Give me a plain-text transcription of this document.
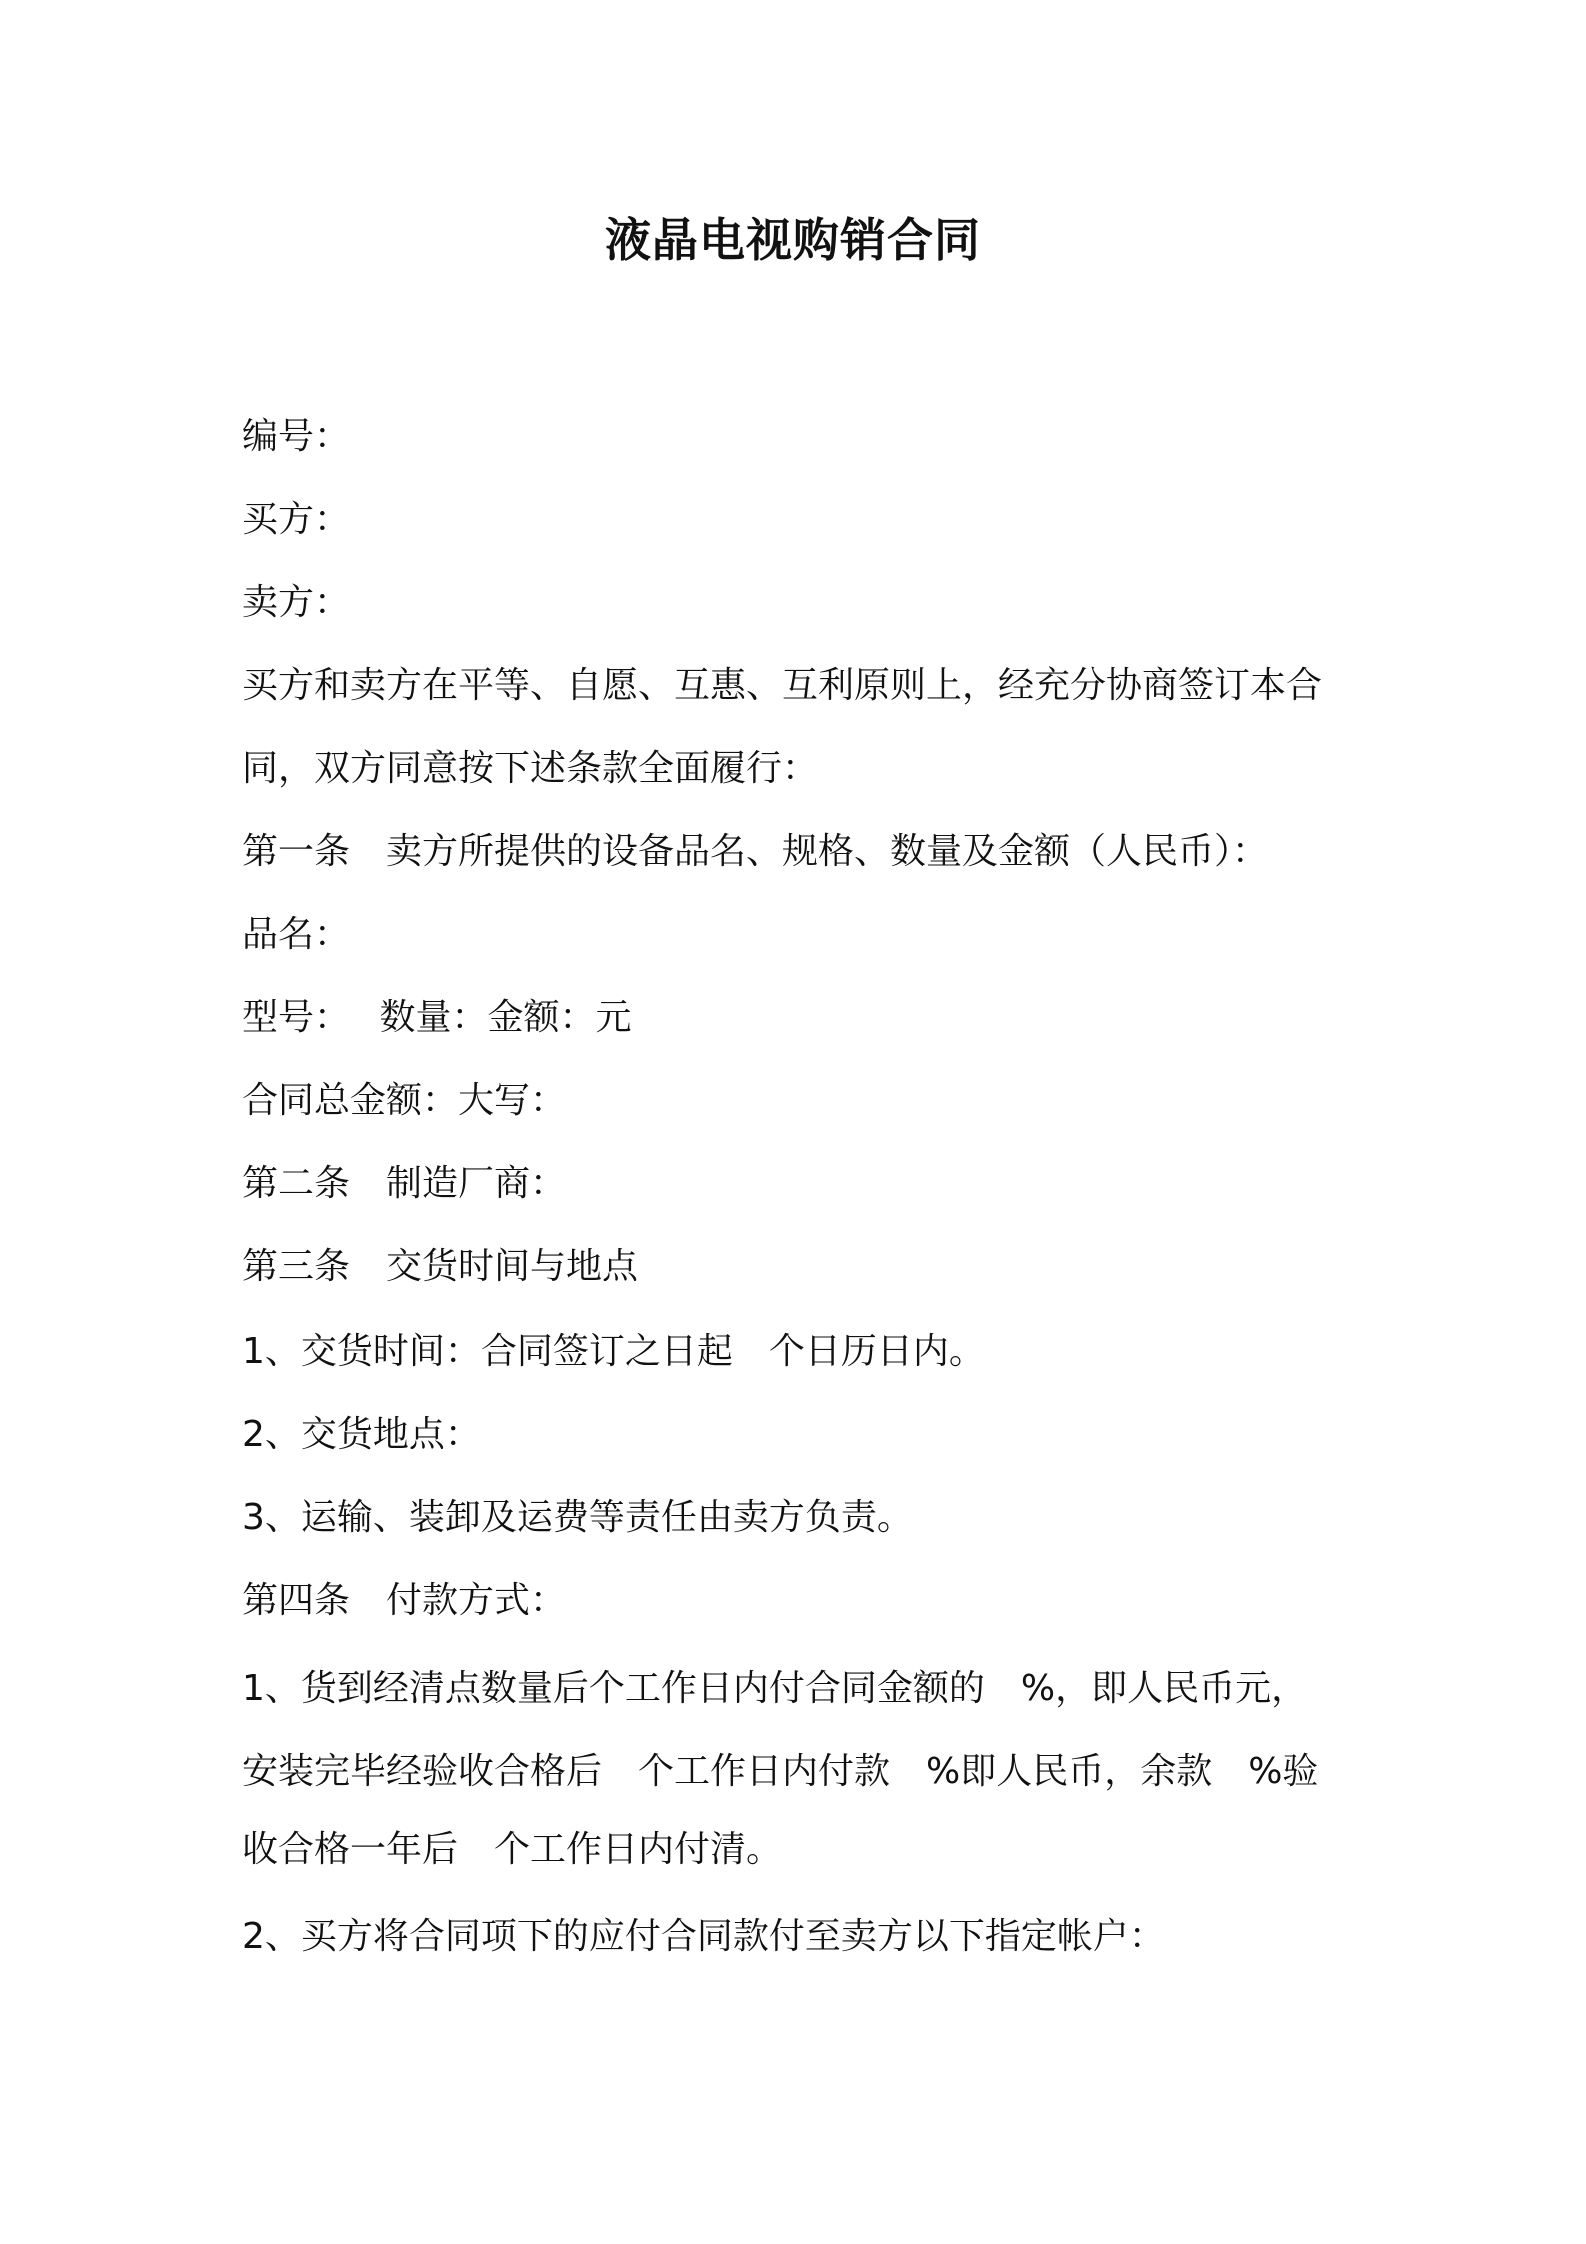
液晶电视购销合同

编号：

买方：

卖方：

买方和卖方在平等、自愿、互惠、互利原则上，经充分协商签订本合

同，双方同意按下述条款全面履行：

第一条　卖方所提供的设备品名、规格、数量及金额（人民币）：

品名：

型号：　 数量：金额：元

合同总金额：大写：

第二条　制造厂商：

第三条　交货时间与地点

1、交货时间：合同签订之日起　个日历日内。

2、交货地点：

3、运输、装卸及运费等责任由卖方负责。

第四条　付款方式：

1、货到经清点数量后个工作日内付合同金额的　%，即人民币元，

安装完毕经验收合格后　个工作日内付款　%即人民币，余款　%验

收合格一年后　个工作日内付清。

2、买方将合同项下的应付合同款付至卖方以下指定帐户：
